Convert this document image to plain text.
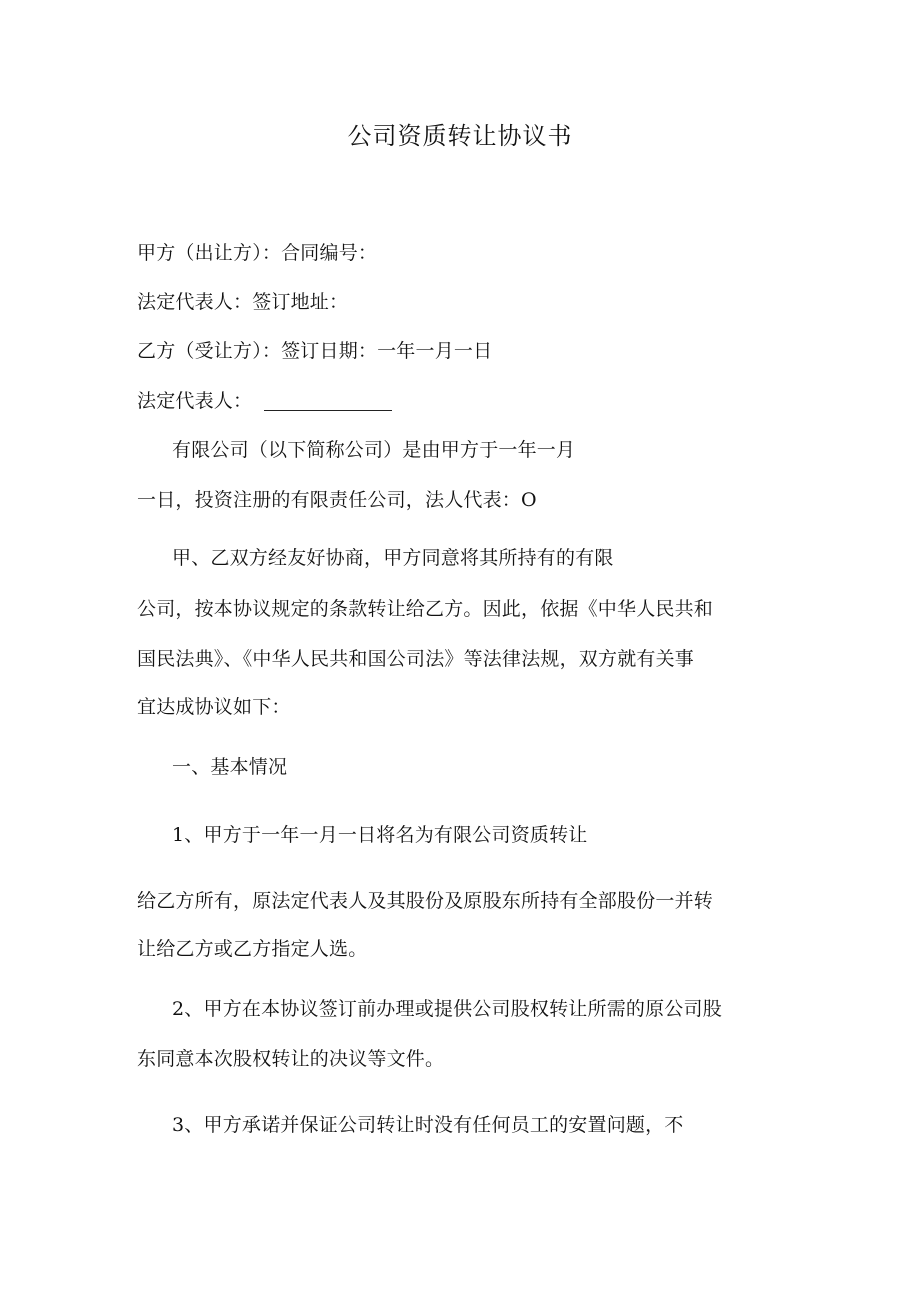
公司资质转让协议书
甲方（出让方）：合同编号：
法定代表人：签订地址：
乙方（受让方）：签订日期：一年一月一日
法定代表人：
有限公司（以下简称公司）是由甲方于一年一月
一日，投资注册的有限责任公司，法人代表：O
甲、乙双方经友好协商，甲方同意将其所持有的有限
公司，按本协议规定的条款转让给乙方。因此，依据《中华人民共和
国民法典》、《中华人民共和国公司法》等法律法规，双方就有关事
宜达成协议如下：
一、基本情况
1、甲方于一年一月一日将名为有限公司资质转让
给乙方所有，原法定代表人及其股份及原股东所持有全部股份一并转
让给乙方或乙方指定人选。
2、甲方在本协议签订前办理或提供公司股权转让所需的原公司股
东同意本次股权转让的决议等文件。
3、甲方承诺并保证公司转让时没有任何员工的安置问题，不
